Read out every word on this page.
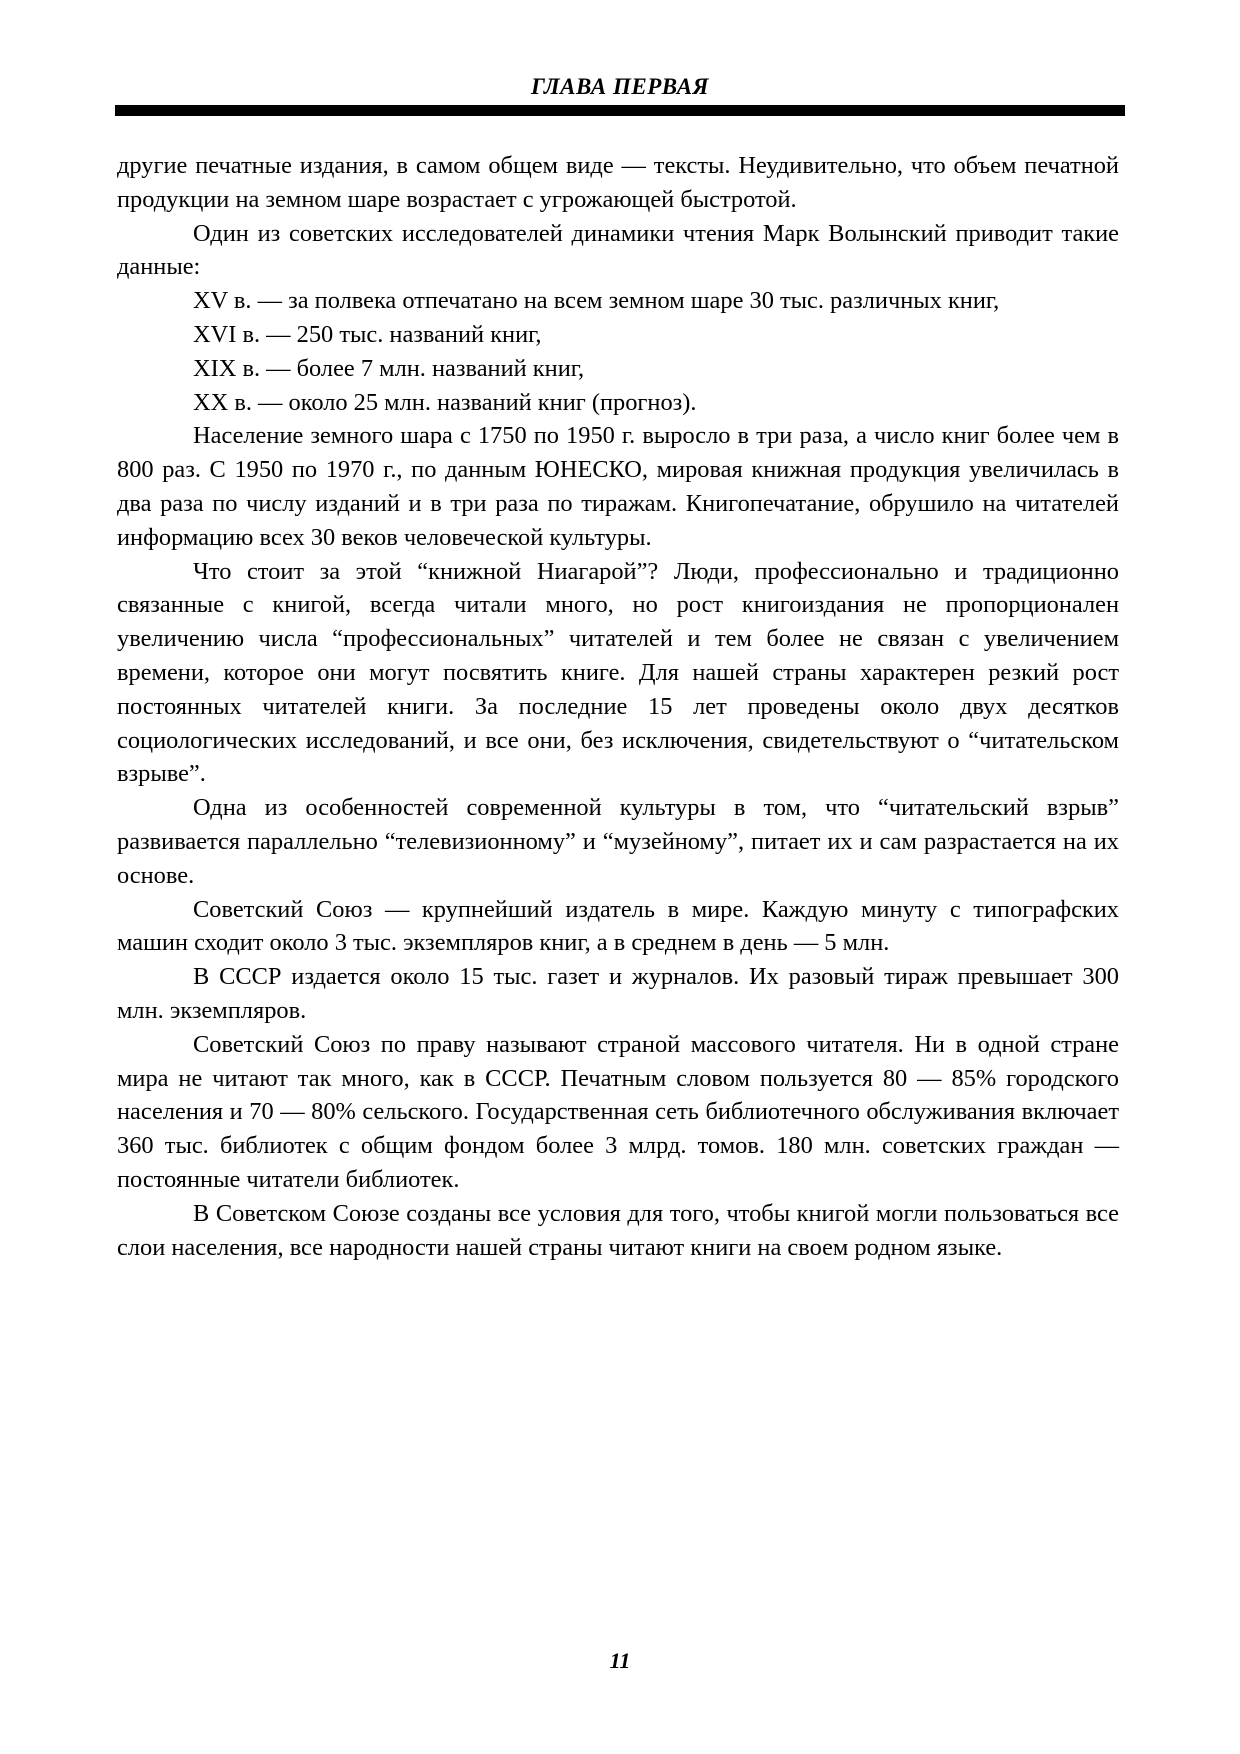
ГЛАВА ПЕРВАЯ

другие печатные издания, в самом общем виде — тексты. Неудивительно, что объем печатной продукции на земном шаре возрастает с угрожающей быстротой.

Один из советских исследователей динамики чтения Марк Волынский приводит такие данные:

XV в. — за полвека отпечатано на всем земном шаре 30 тыс. различных книг,

XVI в. — 250 тыс. названий книг,

XIX в. — более 7 млн. названий книг,

XX в. — около 25 млн. названий книг (прогноз).

Население земного шара с 1750 по 1950 г. выросло в три раза, а число книг более чем в 800 раз. С 1950 по 1970 г., по данным ЮНЕСКО, мировая книжная продукция увеличилась в два раза по числу изданий и в три раза по тиражам. Книгопечатание, обрушило на читателей информацию всех 30 веков человеческой культуры.

Что стоит за этой “книжной Ниагарой”? Люди, профессионально и традиционно связанные с книгой, всегда читали много, но рост книгоиздания не пропорционален увеличению числа “профессиональных” читателей и тем более не связан с увеличением времени, которое они могут посвятить книге. Для нашей страны характерен резкий рост постоянных читателей книги. За последние 15 лет проведены около двух десятков социологических исследований, и все они, без исключения, свидетельствуют о “читательском взрыве”.

Одна из особенностей современной культуры в том, что “читательский взрыв” развивается параллельно “телевизионному” и “музейному”, питает их и сам разрастается на их основе.

Советский Союз — крупнейший издатель в мире. Каждую минуту с типографских машин сходит около 3 тыс. экземпляров книг, а в среднем в день — 5 млн.

В СССР издается около 15 тыс. газет и журналов. Их разовый тираж превышает 300 млн. экземпляров.

Советский Союз по праву называют страной массового читателя. Ни в одной стране мира не читают так много, как в СССР. Печатным словом пользуется 80 — 85% городского населения и 70 — 80% сельского. Государственная сеть библиотечного обслуживания включает 360 тыс. библиотек с общим фондом более 3 млрд. томов. 180 млн. советских граждан — постоянные читатели библиотек.

В Советском Союзе созданы все условия для того, чтобы книгой могли пользоваться все слои населения, все народности нашей страны читают книги на своем родном языке.

11
